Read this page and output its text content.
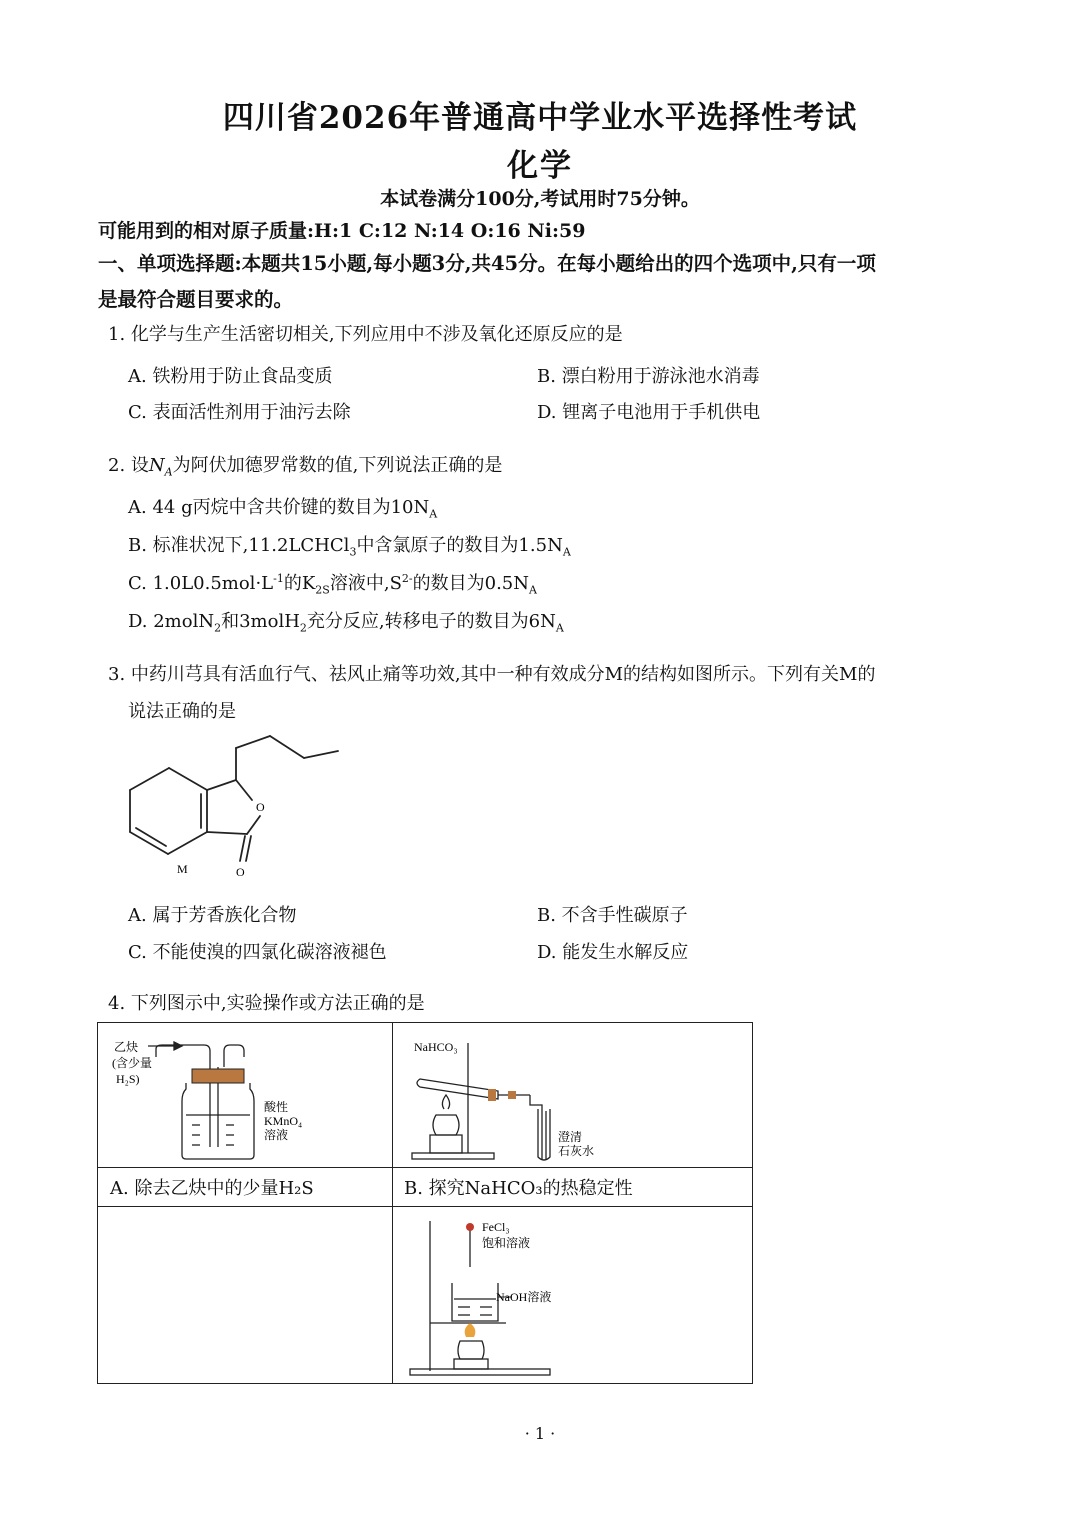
四川省2026年普通高中学业水平选择性考试
化学
本试卷满分100分,考试用时75分钟。
可能用到的相对原子质量:H:1 C:12 N:14 O:16 Ni:59
一、单项选择题:本题共15小题,每小题3分,共45分。在每小题给出的四个选项中,只有一项
是最符合题目要求的。
1. 化学与生产生活密切相关,下列应用中不涉及氧化还原反应的是
A. 铁粉用于防止食品变质	B. 漂白粉用于游泳池水消毒
C. 表面活性剂用于油污去除	D. 锂离子电池用于手机供电
2. 设$N_A$为阿伏加德罗常数的值,下列说法正确的是
A. 44 g丙烷中含共价键的数目为$10N_A$
B. 标准状况下,11.2LCHCl$_3$中含氯原子的数目为$1.5N_A$
C. $1.0L0.5mol\cdot L^{-1}$的$K_{2S}$溶液中$,S^{2-}$的数目为$0.5N_A$
D. 2molN$_2$和3molH$_2$充分反应,转移电子的数目为$6N_A$
3. 中药川芎具有活血行气、祛风止痛等功效,其中一种有效成分M的结构如图所示。下列有关M的
说法正确的是
O
O
M
A. 属于芳香族化合物	B. 不含手性碳原子
C. 不能使溴的四氯化碳溶液褪色	D. 能发生水解反应
4. 下列图示中,实验操作或方法正确的是
乙炔
(含少量
H₂S)
酸性
KMnO₄
溶液
NaHCO₃
澄清
石灰水
A. 除去乙炔中的少量H₂S	B. 探究NaHCO₃的热稳定性
FeCl₃
饱和溶液
NaOH溶液
· 1 ·
